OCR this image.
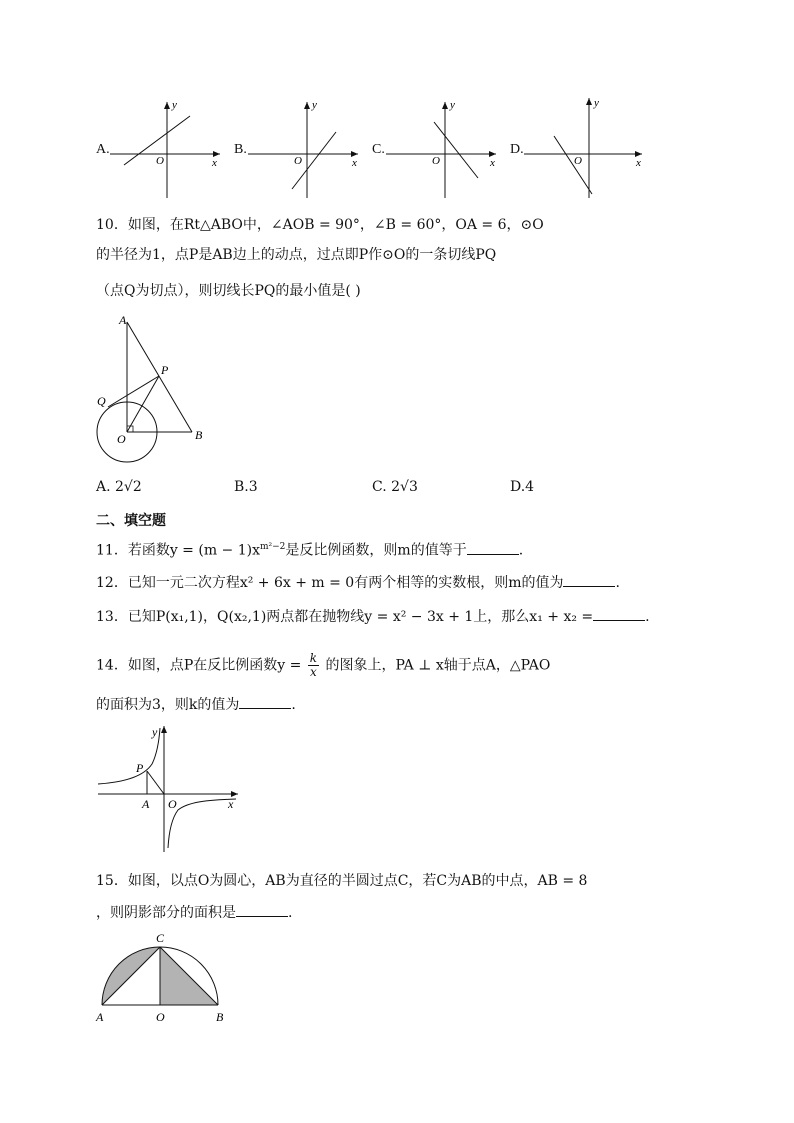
A.
y
x
O
B.
y
x
O
C.
y
x
O
D.
y
x
O
10．如图，在Rt△ABO中，∠AOB = 90°，∠B = 60°，OA = 6，⊙O
的半径为1，点P是AB边上的动点，过点即P作⊙O的一条切线PQ
（点Q为切点），则切线长PQ的最小值是( )
A
P
Q
O	B
A. 2√2	B.3	C. 2√3	D.4
二、填空题
11．若函数$y = (m - 1)x^{m^2-2}$是反比例函数，则m的值等于	.
12．已知一元二次方程x² + 6x + m = 0有两个相等的实数根，则m的值为	.
13．已知P(x₁,1)，Q(x₂,1)两点都在抛物线y = x² − 3x + 1上，那么x₁ + x₂ =	.
14．如图，点P在反比例函数$y = \frac{k}{x}$ 的图象上，PA ⊥ x轴于点A，△PAO
的面积为3，则k的值为	.
y
P
A O	x
15．如图，以点O为圆心，AB为直径的半圆过点C，若C为AB的中点，AB = 8
，则阴影部分的面积是	.
C
A	O	B
